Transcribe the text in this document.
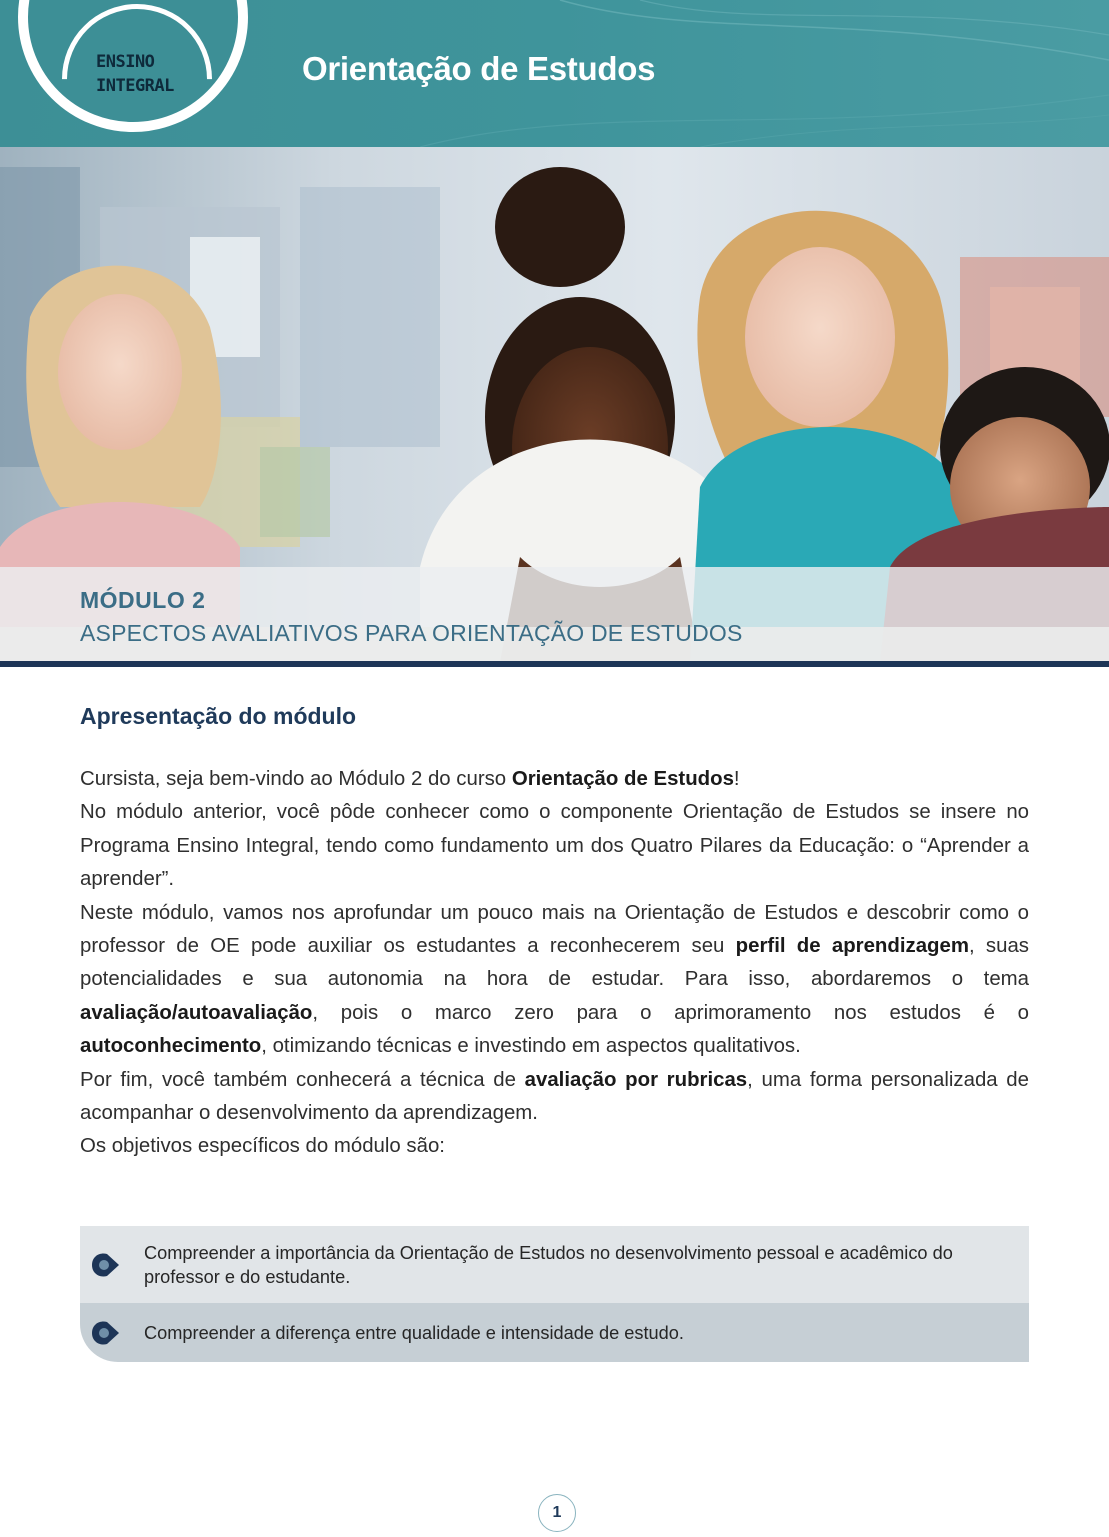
ENSINO
INTEGRAL	Orientação de Estudos
MÓDULO 2
ASPECTOS AVALIATIVOS PARA ORIENTAÇÃO DE ESTUDOS
Apresentação do módulo

Cursista, seja bem-vindo ao Módulo 2 do curso Orientação de Estudos!

No módulo anterior, você pôde conhecer como o componente Orientação de Estudos se insere no Programa Ensino Integral, tendo como fundamento um dos Quatro Pilares da Educação: o “Aprender a aprender”.

Neste módulo, vamos nos aprofundar um pouco mais na Orientação de Estudos e descobrir como o professor de OE pode auxiliar os estudantes a reconhecerem seu perfil de aprendizagem, suas potencialidades e sua autonomia na hora de estudar. Para isso, abordaremos o tema avaliação/autoavaliação, pois o marco zero para o aprimoramento nos estudos é o autoconhecimento, otimizando técnicas e investindo em aspectos qualitativos.

Por fim, você também conhecerá a técnica de avaliação por rubricas, uma forma personalizada de acompanhar o desenvolvimento da aprendizagem.

Os objetivos específicos do módulo são:

Compreender a importância da Orientação de Estudos no desenvolvimento pessoal e acadêmico do professor e do estudante.
Compreender a diferença entre qualidade e intensidade de estudo.
1
